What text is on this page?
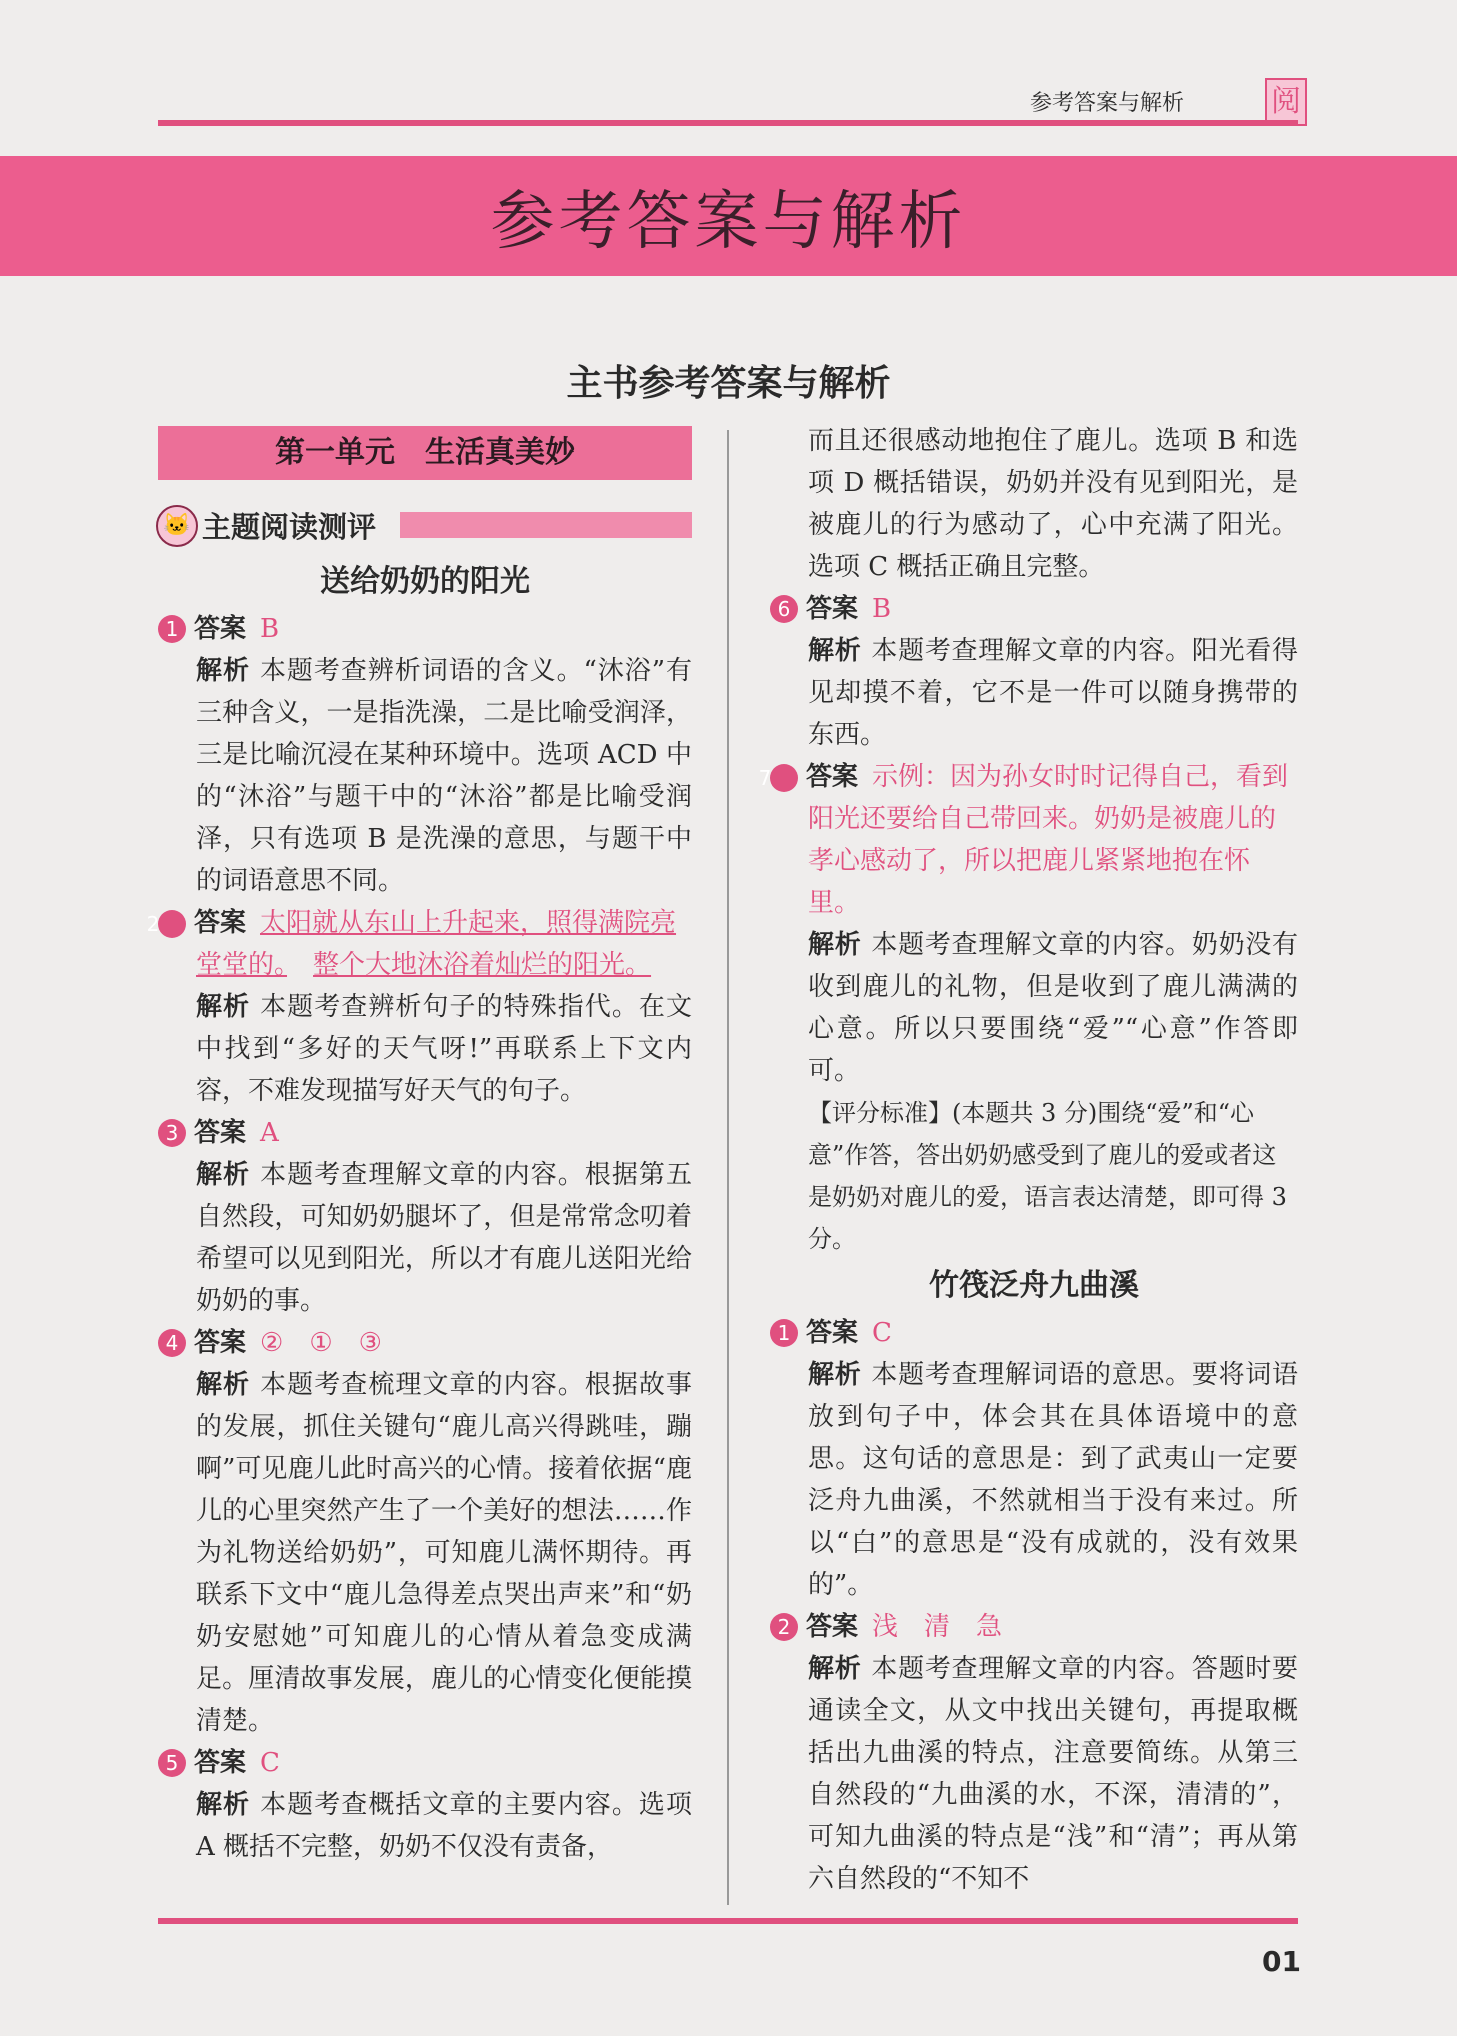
参考答案与解析	阅
参考答案与解析
主书参考答案与解析
第一单元　生活真美妙
🐱 主题阅读测评

送给奶奶的阳光

1 答案 B

解析 本题考查辨析词语的含义。“沐浴”有三种含义，一是指洗澡，二是比喻受润泽，三是比喻沉浸在某种环境中。选项 ACD 中的“沐浴”与题干中的“沐浴”都是比喻受润泽，只有选项 B 是洗澡的意思，与题干中的词语意思不同。

2 答案 太阳就从东山上升起来，照得满院亮堂堂的。　 整个大地沐浴着灿烂的阳光。

解析 本题考查辨析句子的特殊指代。在文中找到“多好的天气呀!”再联系上下文内容，不难发现描写好天气的句子。

3 答案 A

解析 本题考查理解文章的内容。根据第五自然段，可知奶奶腿坏了，但是常常念叨着希望可以见到阳光，所以才有鹿儿送阳光给奶奶的事。

4 答案 ②　①　③

解析 本题考查梳理文章的内容。根据故事的发展，抓住关键句“鹿儿高兴得跳哇，蹦啊”可见鹿儿此时高兴的心情。接着依据“鹿儿的心里突然产生了一个美好的想法……作为礼物送给奶奶”，可知鹿儿满怀期待。再联系下文中“鹿儿急得差点哭出声来”和“奶奶安慰她”可知鹿儿的心情从着急变成满足。厘清故事发展，鹿儿的心情变化便能摸清楚。

5 答案 C

解析 本题考查概括文章的主要内容。选项 A 概括不完整，奶奶不仅没有责备，

而且还很感动地抱住了鹿儿。选项 B 和选项 D 概括错误，奶奶并没有见到阳光，是被鹿儿的行为感动了，心中充满了阳光。选项 C 概括正确且完整。

6 答案 B

解析 本题考查理解文章的内容。阳光看得见却摸不着，它不是一件可以随身携带的东西。

7 答案 示例：因为孙女时时记得自己，看到阳光还要给自己带回来。奶奶是被鹿儿的孝心感动了，所以把鹿儿紧紧地抱在怀里。

解析 本题考查理解文章的内容。奶奶没有收到鹿儿的礼物，但是收到了鹿儿满满的心意。所以只要围绕“爱”“心意”作答即可。

【评分标准】(本题共 3 分)围绕“爱”和“心意”作答，答出奶奶感受到了鹿儿的爱或者这是奶奶对鹿儿的爱，语言表达清楚，即可得 3 分。

竹筏泛舟九曲溪

1 答案 C

解析 本题考查理解词语的意思。要将词语放到句子中，体会其在具体语境中的意思。这句话的意思是：到了武夷山一定要泛舟九曲溪，不然就相当于没有来过。所以“白”的意思是“没有成就的，没有效果的”。

2 答案 浅　清　急

解析 本题考查理解文章的内容。答题时要通读全文，从文中找出关键句，再提取概括出九曲溪的特点，注意要简练。从第三自然段的“九曲溪的水，不深，清清的”，可知九曲溪的特点是“浅”和“清”；再从第六自然段的“不知不

01
